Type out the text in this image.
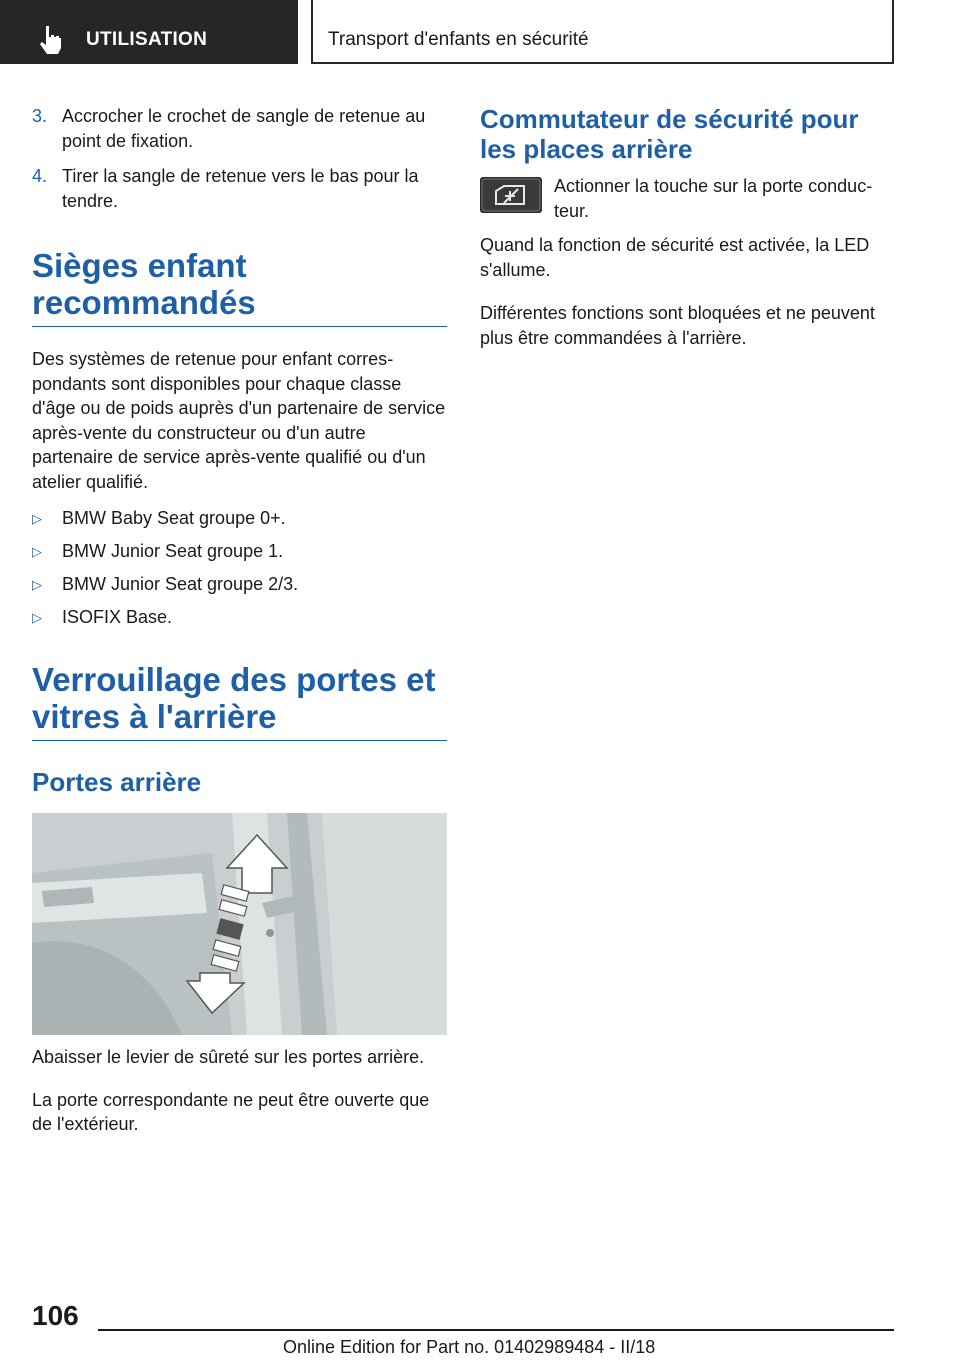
UTILISATION	Transport d'enfants en sécurité
3. Accrocher le crochet de sangle de retenue au point de fixation.
4. Tirer la sangle de retenue vers le bas pour la tendre.
Sièges enfant recommandés

Des systèmes de retenue pour enfant correspondants sont disponibles pour chaque classe d'âge ou de poids auprès d'un partenaire de service après-vente du constructeur ou d'un autre partenaire de service après-vente qualifié ou d'un atelier qualifié.

▷	BMW Baby Seat groupe 0+.
▷	BMW Junior Seat groupe 1.
▷	BMW Junior Seat groupe 2/3.
▷	ISOFIX Base.
Verrouillage des portes et vitres à l'arrière
Portes arrière

Abaisser le levier de sûreté sur les portes arrière.

La porte correspondante ne peut être ouverte que de l'extérieur.

Commutateur de sécurité pour les places arrière

Actionner la touche sur la porte conducteur.

Quand la fonction de sécurité est activée, la LED s'allume.

Différentes fonctions sont bloquées et ne peuvent plus être commandées à l'arrière.

106
Online Edition for Part no. 01402989484 - II/18
